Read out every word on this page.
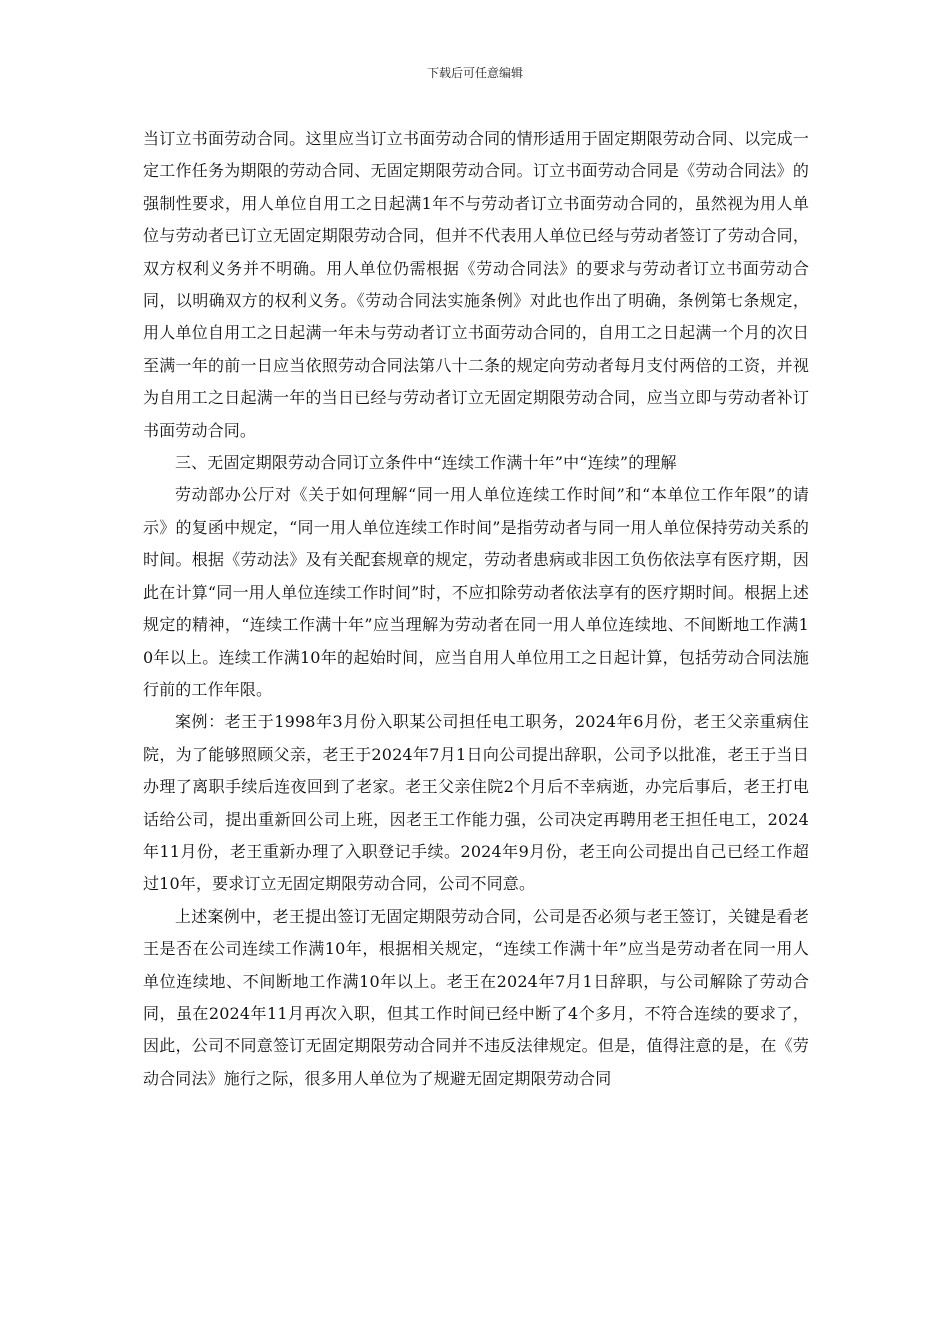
下载后可任意编辑

当订立书面劳动合同。这里应当订立书面劳动合同的情形适用于固定期限劳动合同、以完成一定工作任务为期限的劳动合同、无固定期限劳动合同。订立书面劳动合同是《劳动合同法》的强制性要求，用人单位自用工之日起满1年不与劳动者订立书面劳动合同的，虽然视为用人单位与劳动者已订立无固定期限劳动合同，但并不代表用人单位已经与劳动者签订了劳动合同，双方权利义务并不明确。用人单位仍需根据《劳动合同法》的要求与劳动者订立书面劳动合同，以明确双方的权利义务。《劳动合同法实施条例》对此也作出了明确，条例第七条规定，用人单位自用工之日起满一年未与劳动者订立书面劳动合同的，自用工之日起满一个月的次日至满一年的前一日应当依照劳动合同法第八十二条的规定向劳动者每月支付两倍的工资，并视为自用工之日起满一年的当日已经与劳动者订立无固定期限劳动合同，应当立即与劳动者补订书面劳动合同。

三、无固定期限劳动合同订立条件中“连续工作满十年”中“连续”的理解

劳动部办公厅对《关于如何理解“同一用人单位连续工作时间”和“本单位工作年限”的请示》的复函中规定，“同一用人单位连续工作时间”是指劳动者与同一用人单位保持劳动关系的时间。根据《劳动法》及有关配套规章的规定，劳动者患病或非因工负伤依法享有医疗期，因此在计算“同一用人单位连续工作时间”时，不应扣除劳动者依法享有的医疗期时间。根据上述规定的精神，“连续工作满十年”应当理解为劳动者在同一用人单位连续地、不间断地工作满10年以上。连续工作满10年的起始时间，应当自用人单位用工之日起计算，包括劳动合同法施行前的工作年限。

案例：老王于1998年3月份入职某公司担任电工职务，2024年6月份，老王父亲重病住院，为了能够照顾父亲，老王于2024年7月1日向公司提出辞职，公司予以批准，老王于当日办理了离职手续后连夜回到了老家。老王父亲住院2个月后不幸病逝，办完后事后，老王打电话给公司，提出重新回公司上班，因老王工作能力强，公司决定再聘用老王担任电工，2024年11月份，老王重新办理了入职登记手续。2024年9月份，老王向公司提出自己已经工作超过10年，要求订立无固定期限劳动合同，公司不同意。

上述案例中，老王提出签订无固定期限劳动合同，公司是否必须与老王签订，关键是看老王是否在公司连续工作满10年，根据相关规定，“连续工作满十年”应当是劳动者在同一用人单位连续地、不间断地工作满10年以上。老王在2024年7月1日辞职，与公司解除了劳动合同，虽在2024年11月再次入职，但其工作时间已经中断了4个多月，不符合连续的要求了，因此，公司不同意签订无固定期限劳动合同并不违反法律规定。但是，值得注意的是，在《劳动合同法》施行之际，很多用人单位为了规避无固定期限劳动合同
